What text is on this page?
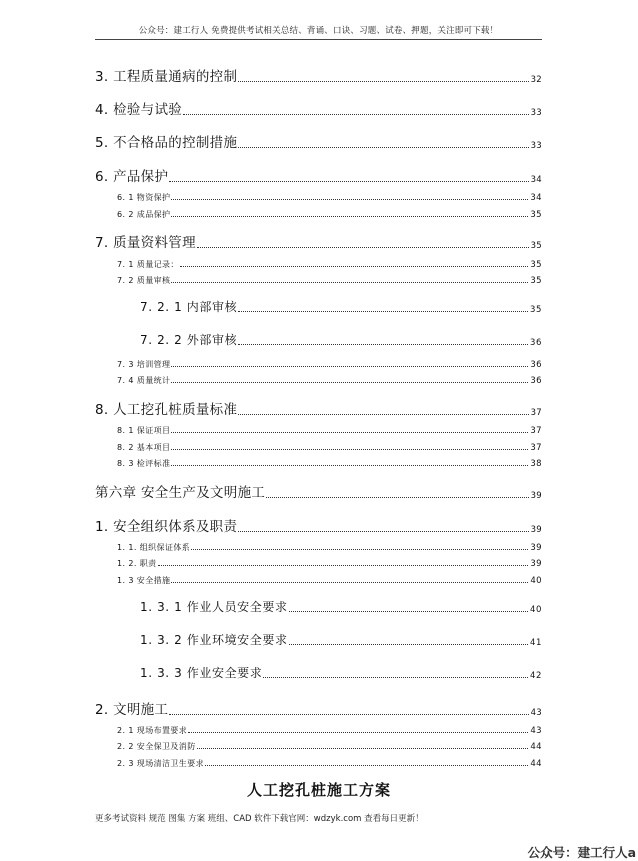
公众号：建工行人 免费提供考试相关总结、背诵、口诀、习题、试卷、押题，关注即可下载！
3. 工程质量通病的控制	32
4. 检验与试验	33
5. 不合格品的控制措施	33
6. 产品保护	34
6. 1 物资保护	34
6. 2 成品保护	35
7. 质量资料管理	35
7. 1 质量记录：	35
7. 2 质量审核	35
7. 2. 1 内部审核	35
7. 2. 2 外部审核	36
7. 3 培训管理	36
7. 4 质量统计	36
8. 人工挖孔桩质量标准	37
8. 1 保证项目	37
8. 2 基本项目	37
8. 3 检评标准	38
第六章 安全生产及文明施工	39
1. 安全组织体系及职责	39
1. 1. 组织保证体系	39
1. 2. 职责	39
1. 3 安全措施	40
1. 3. 1 作业人员安全要求	40
1. 3. 2 作业环境安全要求	41
1. 3. 3 作业安全要求	42
2. 文明施工	43
2. 1 现场布置要求	43
2. 2 安全保卫及消防	44
2. 3 现场清洁卫生要求	44
人工挖孔桩施工方案
更多考试资料 规范 图集 方案 班组、CAD 软件下载官网：wdzyk.com 查看每日更新！
公众号：建工行人a
